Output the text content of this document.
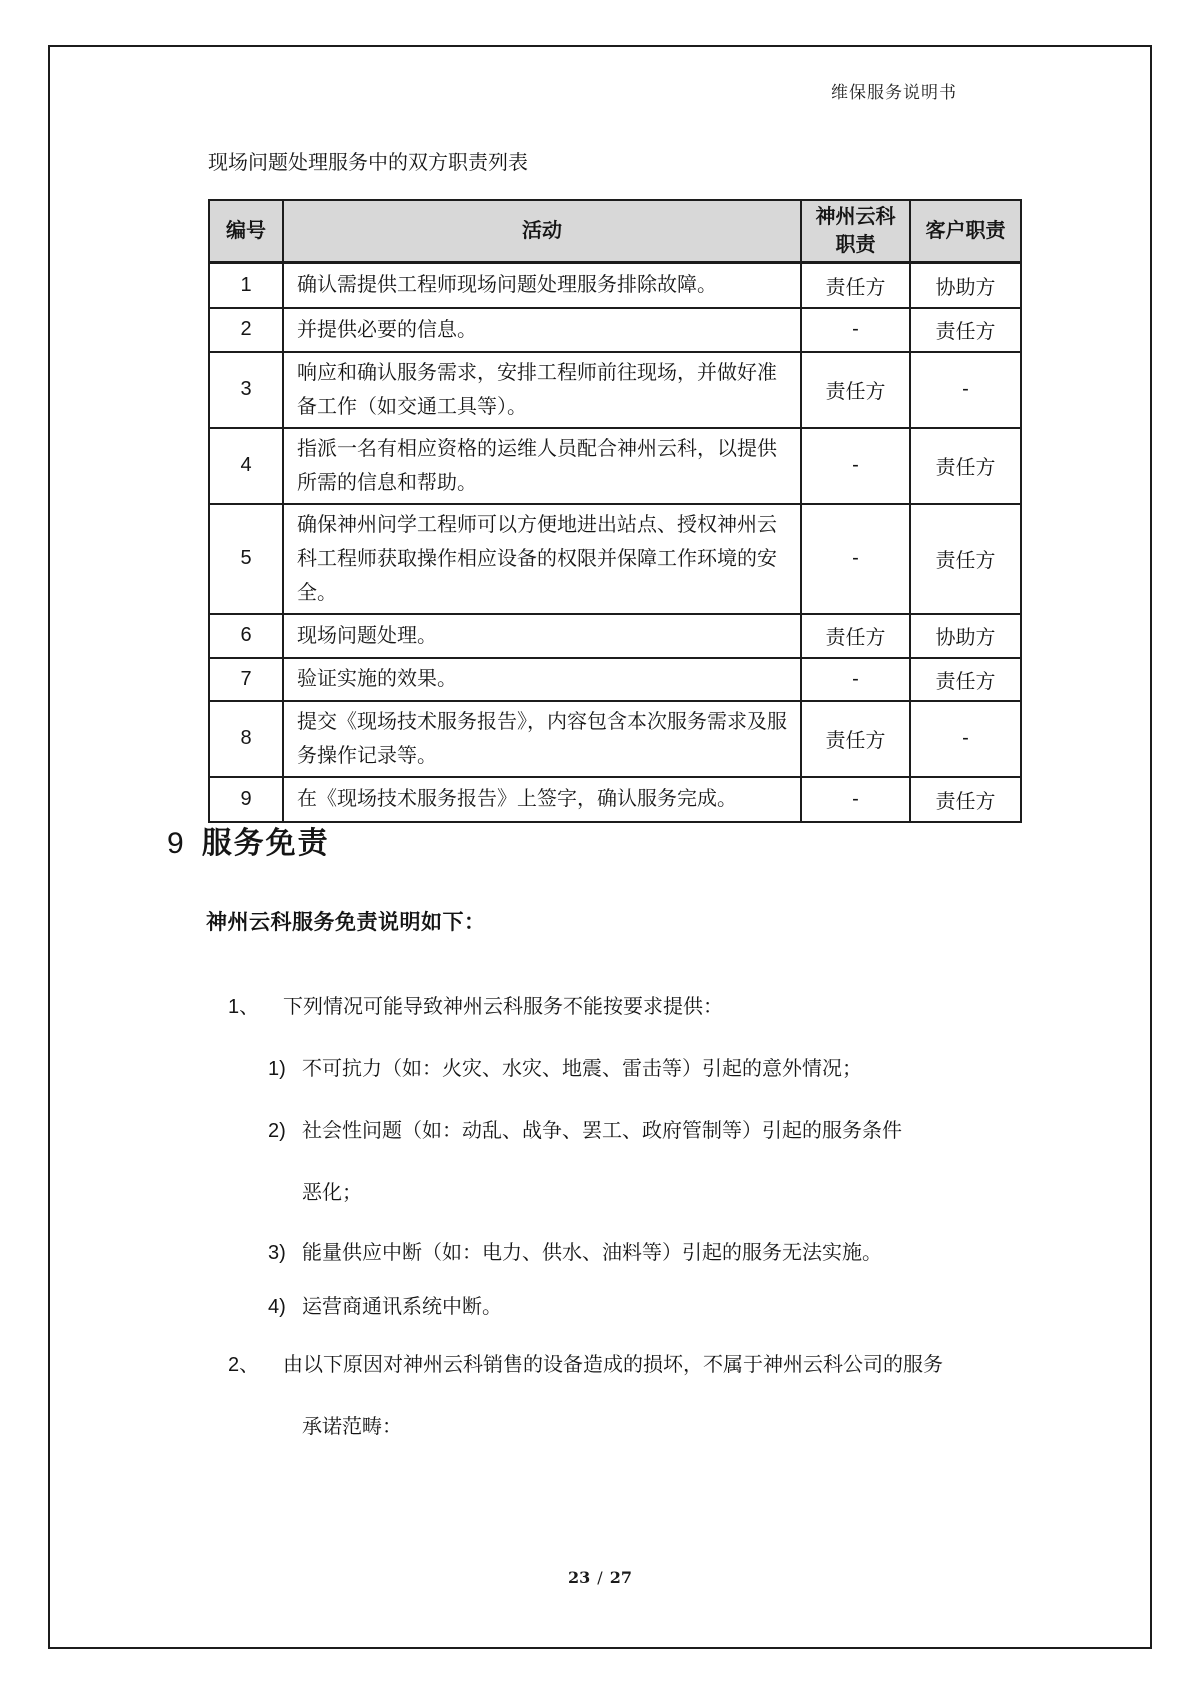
维保服务说明书
现场问题处理服务中的双方职责列表
编号	活动	神州云科职责	客户职责
1	确认需提供工程师现场问题处理服务排除故障。	责任方	协助方
2	并提供必要的信息。	-	责任方
3	响应和确认服务需求，安排工程师前往现场，并做好准备工作（如交通工具等）。	责任方	-
4	指派一名有相应资格的运维人员配合神州云科，以提供所需的信息和帮助。	-	责任方
5	确保神州问学工程师可以方便地进出站点、授权神州云科工程师获取操作相应设备的权限并保障工作环境的安全。	-	责任方
6	现场问题处理。	责任方	协助方
7	验证实施的效果。	-	责任方
8	提交《现场技术服务报告》，内容包含本次服务需求及服务操作记录等。	责任方	-
9	在《现场技术服务报告》上签字，确认服务完成。	-	责任方
9 服务免责
神州云科服务免责说明如下：
1、 下列情况可能导致神州云科服务不能按要求提供：
1) 不可抗力（如：火灾、水灾、地震、雷击等）引起的意外情况；
2) 社会性问题（如：动乱、战争、罢工、政府管制等）引起的服务条件
恶化；
3) 能量供应中断（如：电力、供水、油料等）引起的服务无法实施。
4) 运营商通讯系统中断。
2、 由以下原因对神州云科销售的设备造成的损坏，不属于神州云科公司的服务
承诺范畴：
23 / 27
